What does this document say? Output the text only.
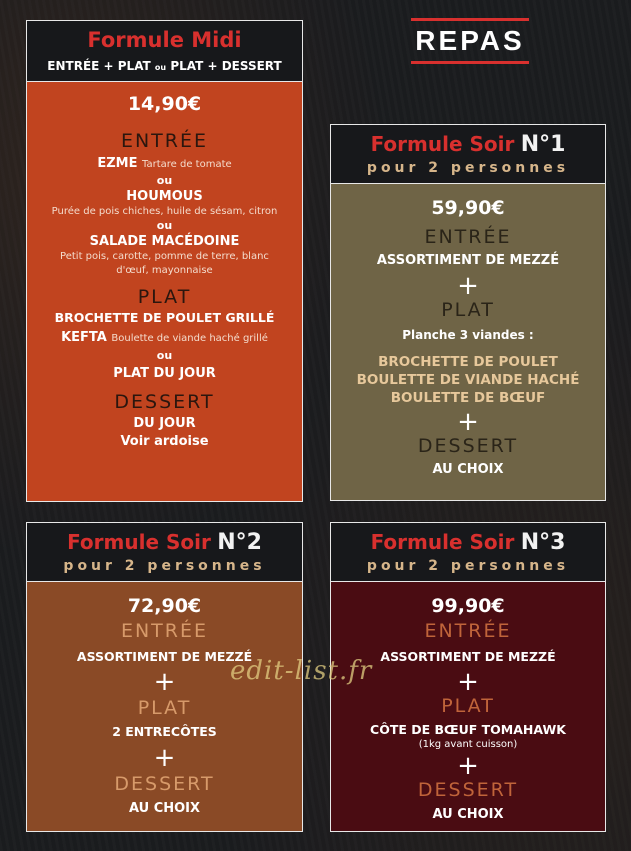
REPAS
Formule Midi
ENTRÉE + PLAT ou PLAT + DESSERT
14,90€
ENTRÉE
EZME Tartare de tomate
ou
HOUMOUS
Purée de pois chiches, huile de sésam, citron
ou
SALADE MACÉDOINE
Petit pois, carotte, pomme de terre, blanc
d'œuf, mayonnaise
PLAT
BROCHETTE DE POULET GRILLÉ
KEFTA Boulette de viande haché grillé
ou
PLAT DU JOUR
DESSERT
DU JOUR
Voir ardoise
Formule Soir N°1
pour 2 personnes
59,90€
ENTRÉE
ASSORTIMENT DE MEZZÉ
+
PLAT
Planche 3 viandes :
BROCHETTE DE POULET
BOULETTE DE VIANDE HACHÉ
BOULETTE DE BŒUF
+
DESSERT
AU CHOIX
Formule Soir N°2
pour 2 personnes
72,90€
ENTRÉE
ASSORTIMENT DE MEZZÉ
+
PLAT
2 ENTRECÔTES
+
DESSERT
AU CHOIX
Formule Soir N°3
pour 2 personnes
99,90€
ENTRÉE
ASSORTIMENT DE MEZZÉ
+
PLAT
CÔTE DE BŒUF TOMAHAWK
(1kg avant cuisson)
+
DESSERT
AU CHOIX
edit-list.fr
